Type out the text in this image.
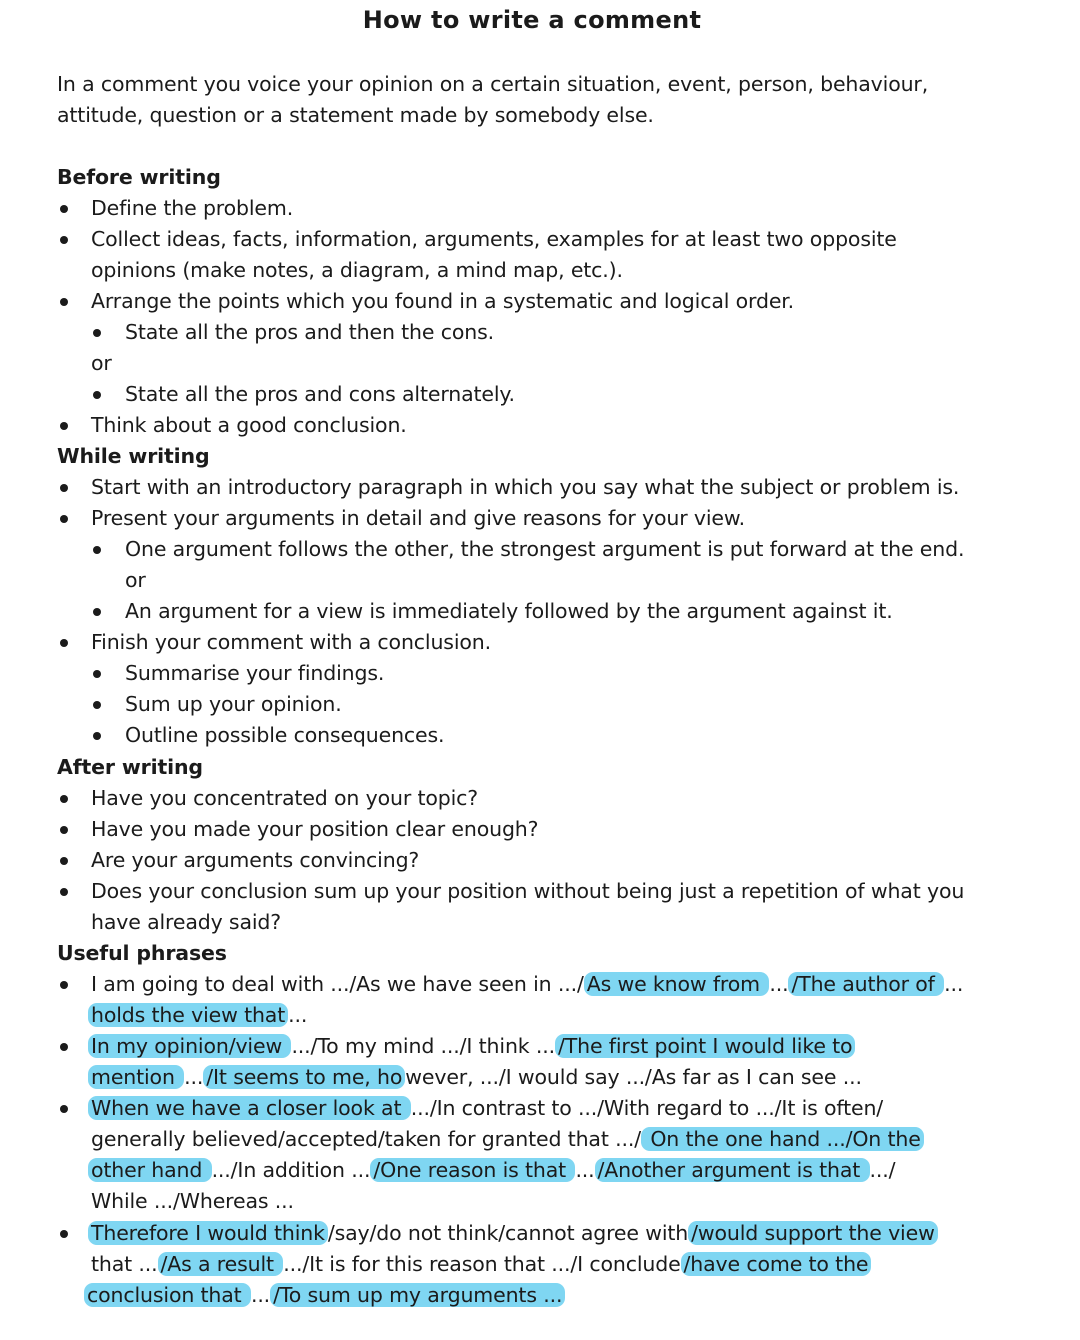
How to write a comment
In a comment you voice your opinion on a certain situation, event, person, behaviour,
attitude, question or a statement made by somebody else.
Before writing
Define the problem.
Collect ideas, facts, information, arguments, examples for at least two opposite
opinions (make notes, a diagram, a mind map, etc.).
Arrange the points which you found in a systematic and logical order.
State all the pros and then the cons.
or
State all the pros and cons alternately.
Think about a good conclusion.
While writing
Start with an introductory paragraph in which you say what the subject or problem is.
Present your arguments in detail and give reasons for your view.
One argument follows the other, the strongest argument is put forward at the end.
or
An argument for a view is immediately followed by the argument against it.
Finish your comment with a conclusion.
Summarise your findings.
Sum up your opinion.
Outline possible consequences.
After writing
Have you concentrated on your topic?
Have you made your position clear enough?
Are your arguments convincing?
Does your conclusion sum up your position without being just a repetition of what you
have already said?
Useful phrases
I am going to deal with .../As we have seen in .../ As we know from ... /The author of ...
holds the view that ...
In my opinion/view .../To my mind .../I think ... /The first point I would like to
mention ... /It seems to me, ho wever, .../I would say .../As far as I can see ...
When we have a closer look at .../In contrast to .../With regard to .../It is often/
generally believed/accepted/taken for granted that .../ On the one hand .../On the
other hand .../In addition ... /One reason is that ... /Another argument is that .../
While .../Whereas ...
Therefore I would think /say/do not think/cannot agree with /would support the view
that ... /As a result .../It is for this reason that .../I conclude /have come to the
conclusion that ... /To sum up my arguments ...
